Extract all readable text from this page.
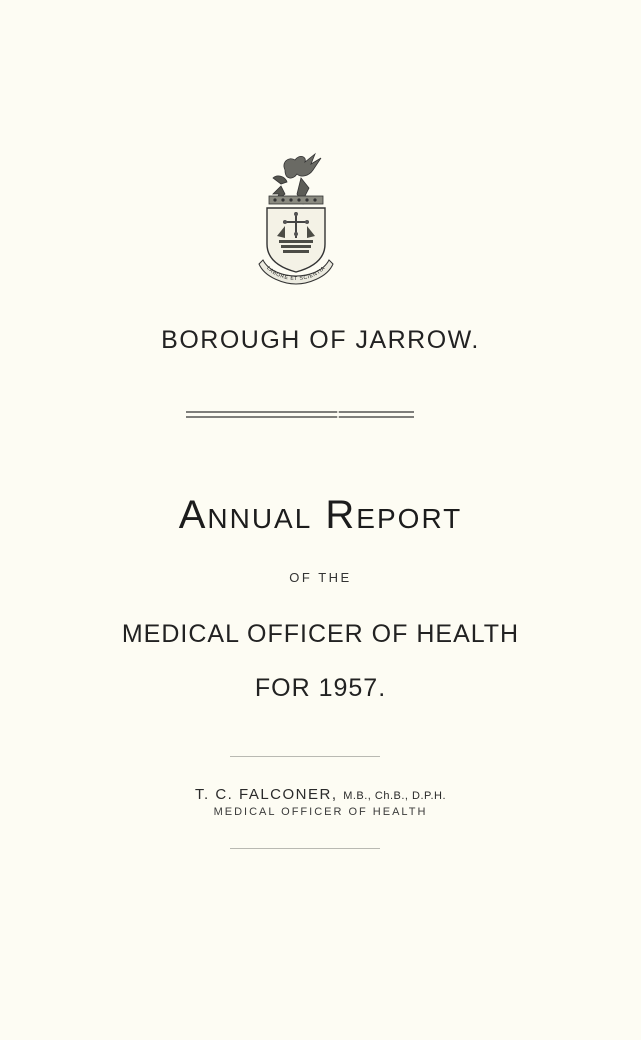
LABORE ET SCIENTIA
BOROUGH OF JARROW.
Annual Report
OF THE
MEDICAL OFFICER OF HEALTH
FOR 1957.
T. C. FALCONER, M.B., Ch.B., D.P.H.
MEDICAL OFFICER OF HEALTH
